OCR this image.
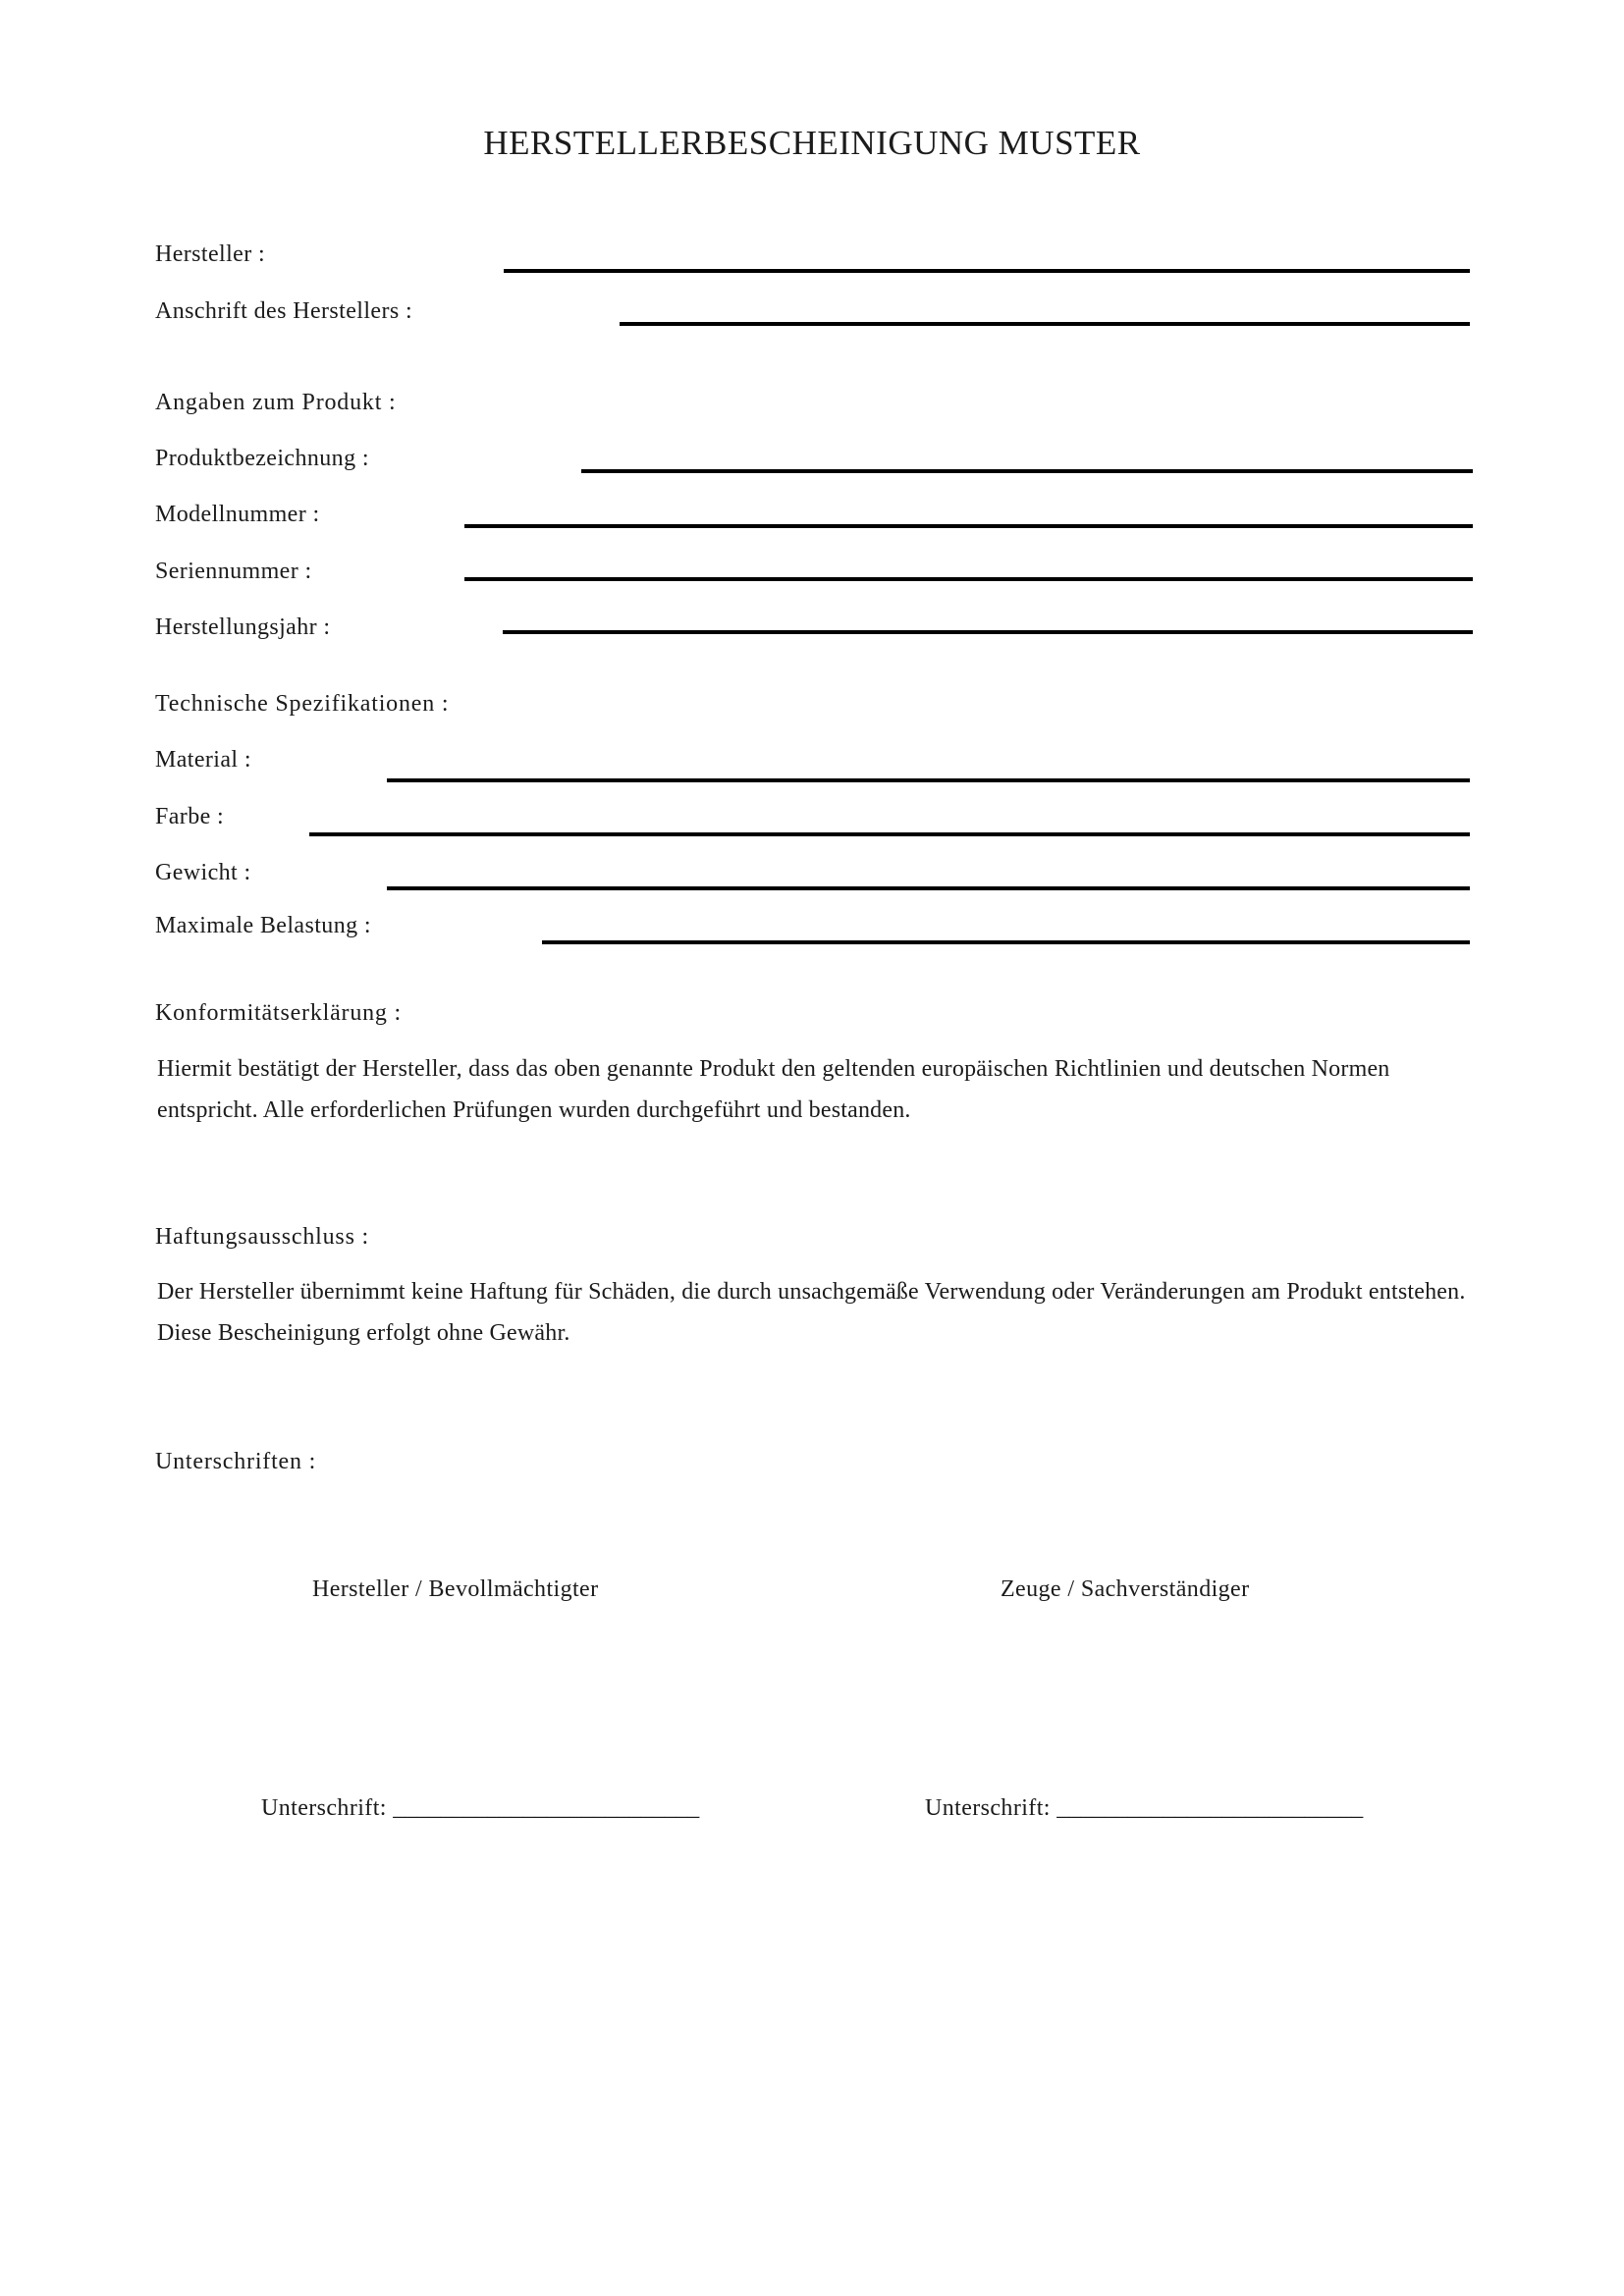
HERSTELLERBESCHEINIGUNG MUSTER
Hersteller :
Anschrift des Herstellers :
Angaben zum Produkt :
Produktbezeichnung :
Modellnummer :
Seriennummer :
Herstellungsjahr :
Technische Spezifikationen :
Material :
Farbe :
Gewicht :
Maximale Belastung :
Konformitätserklärung :
Hiermit bestätigt der Hersteller, dass das oben genannte Produkt den geltenden europäischen Richtlinien und deutschen Normen entspricht. Alle erforderlichen Prüfungen wurden durchgeführt und bestanden.
Haftungsausschluss :
Der Hersteller übernimmt keine Haftung für Schäden, die durch unsachgemäße Verwendung oder Veränderungen am Produkt entstehen. Diese Bescheinigung erfolgt ohne Gewähr.
Unterschriften :
Hersteller / Bevollmächtigter	Zeuge / Sachverständiger
Unterschrift: __________________________	Unterschrift: __________________________
